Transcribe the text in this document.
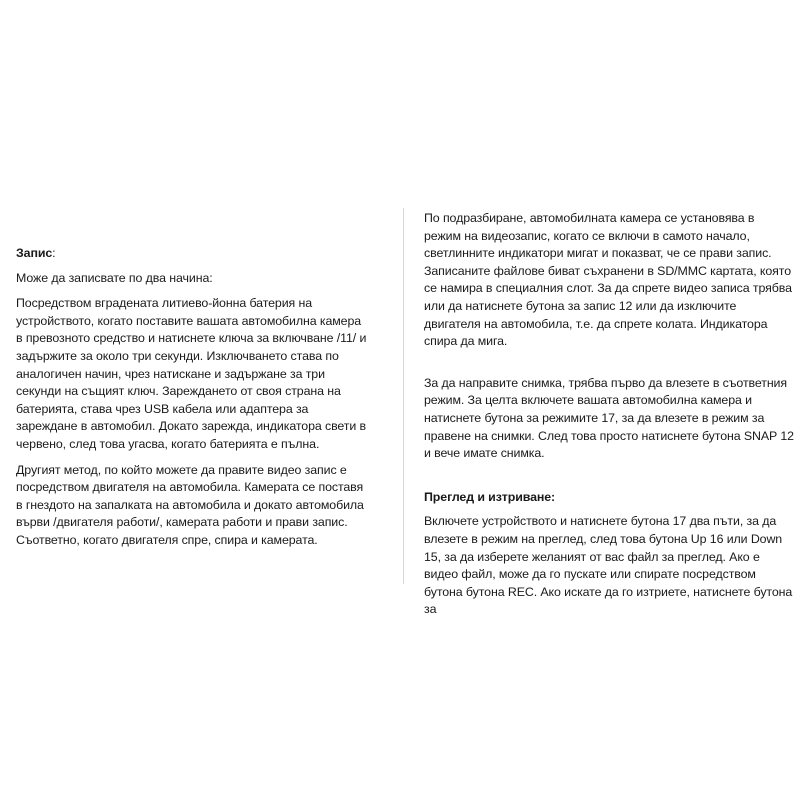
Запис:

Може да записвате по два начина:

Посредством вградената литиево-йонна батерия на устройството, когато поставите вашата автомобилна камера в превозното средство и натиснете ключа за включване /11/ и задържите за около три секунди. Изключването става по аналогичен начин, чрез натискане и задържане за три секунди на същият ключ. Зареждането от своя страна на батерията, става чрез USB кабела или адаптера за зареждане в автомобил. Докато зарежда, индикатора свети в червено, след това угасва, когато батерията е пълна.

Другият метод, по който можете да правите видео запис е посредством двигателя на автомобила. Камерата се поставя в гнездото на запалката на автомобила и докато автомобила върви /двигателя работи/, камерата работи и прави запис. Съответно, когато двигателя спре, спира и камерата.

По подразбиране, автомобилната камера се установява в режим на видеозапис, когато се включи в самото начало, светлинните индикатори мигат и показват, че се прави запис. Записаните файлове биват съхранени в SD/MMC картата, която се намира в специалния слот. За да спрете видео записа трябва или да натиснете бутона за запис 12 или да изключите двигателя на автомобила, т.е. да спрете колата. Индикатора спира да мига.

За да направите снимка, трябва първо да влезете в съответния режим. За целта включете вашата автомобилна камера и натиснете бутона за режимите 17, за да влезете в режим за правене на снимки. След това просто натиснете бутона SNAP 12 и вече имате снимка.

Преглед и изтриване:

Включете устройството и натиснете бутона 17 два пъти, за да влезете в режим на преглед, след това бутона Up 16 или Down 15, за да изберете желаният от вас файл за преглед. Ако е видео файл, може да го пускате или спирате посредством бутона бутона REC. Ако искате да го изтриете, натиснете бутона за
